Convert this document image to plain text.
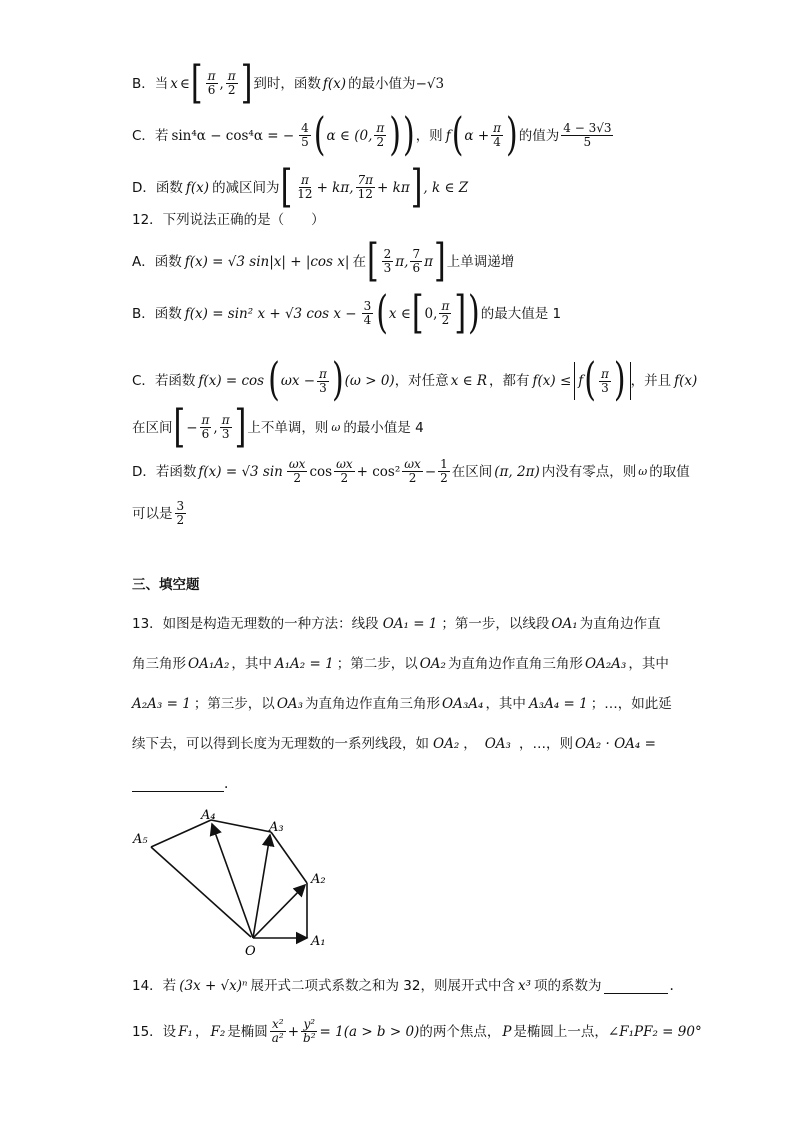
B． 当 x ∈ [ $\frac{\pi}{6}$ , $\frac{\pi}{2}$ ] 到时，函数 f(x) 的最小值为 −√3
C． 若 sin⁴α − cos⁴α = − $\frac{4}{5}$ ( α ∈ (0, $\frac{\pi}{2}$ ) ) ，则 f ( $\alpha + \frac{\pi}{4}$ ) 的值为 $\frac{4 - 3√3}{5}$
D． 函数 f(x) 的减区间为 [ $\frac{\pi}{12} + k\pi$, $\frac{7\pi}{12} + k\pi$ ] , k ∈ Z
12．下列说法正确的是（　　）
A． 函数 f(x) = √3 sin|x| + |cos x| 在 [ $\frac{2}{3} \pi$, $\frac{7}{6}$ π ] 上单调递增
B． 函数 f(x) = sin² x + √3 $\cos x - \frac{3}{4}$ ( x ∈ [ 0, $\frac{\pi}{2}$ ] ) 的最大值是 1
C． 若函数 f(x) = cos ( $\omega x - \frac{\pi}{3}$ ) (ω > 0) ，对任意 x ∈ R ，都有 f(x) ≤ f ( $\frac{\pi}{3}$ ) ，并且 f(x)
在区间 [ − $\frac{\pi}{6}$ , $\frac{\pi}{3}$ ] 上不单调，则 ω 的最小值是 4
D． 若函数 f(x) = √3 $\sin \frac{\omega x}{2}$ $\cos \frac{\omega x}{2} + \cos^2 \frac{\omega x}{2} - \frac{1}{2}$ 在区间 (π, 2π) 内没有零点，则 ω 的取值
可以是 $\frac{3}{2}$
三、填空题
13．如图是构造无理数的一种方法：线段 OA₁ = 1 ；第一步，以线段 OA₁ 为直角边作直
角三角形 OA₁A₂ ，其中 A₁A₂ = 1 ；第二步，以 OA₂ 为直角边作直角三角形 OA₂A₃ ，其中
A₂A₃ = 1 ；第三步，以 OA₃ 为直角边作直角三角形 OA₃A₄ ，其中 A₃A₄ = 1 ；…，如此延
续下去，可以得到长度为无理数的一系列线段，如 OA₂ ， OA₃ ，…，则 OA₂ · OA₄ =
.
O
A₁
A₂
A₃
A₄
A₅
14．若 (3x + √x)ⁿ 展开式二项式系数之和为 32，则展开式中含 x³ 项的系数为	.
15．设 F₁ ， F₂ 是椭圆 $\frac{\text{x²}}{\text{a²}} + \frac{\text{y²}}{\text{b²}} = 1(a > b > 0)$ 的两个焦点， P 是椭圆上一点， ∠F₁PF₂ = 90°
